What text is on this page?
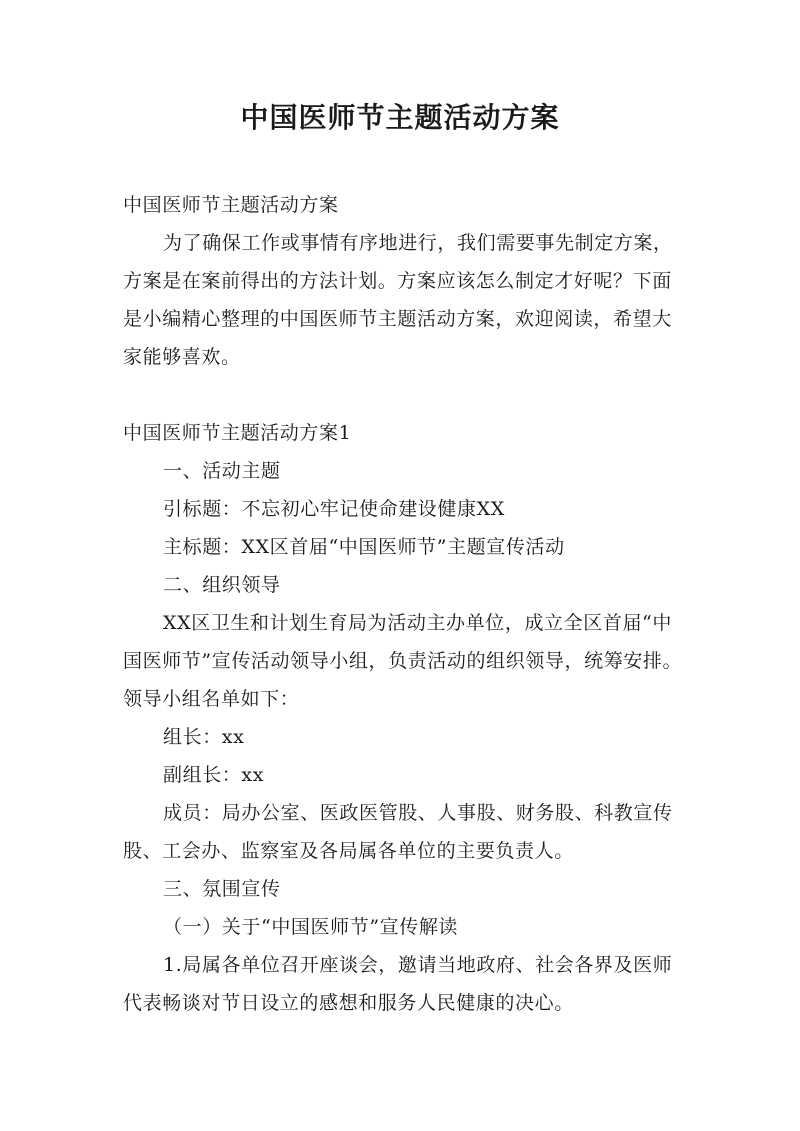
中国医师节主题活动方案

中国医师节主题活动方案

为了确保工作或事情有序地进行，我们需要事先制定方案，方案是在案前得出的方法计划。方案应该怎么制定才好呢？下面是小编精心整理的中国医师节主题活动方案，欢迎阅读，希望大家能够喜欢。

中国医师节主题活动方案1

一、活动主题

引标题：不忘初心牢记使命建设健康XX

主标题：XX区首届“中国医师节”主题宣传活动

二、组织领导

XX区卫生和计划生育局为活动主办单位，成立全区首届“中国医师节”宣传活动领导小组，负责活动的组织领导，统筹安排。领导小组名单如下：

组长：xx

副组长：xx

成员：局办公室、医政医管股、人事股、财务股、科教宣传股、工会办、监察室及各局属各单位的主要负责人。

三、氛围宣传

（一）关于“中国医师节”宣传解读

1.局属各单位召开座谈会，邀请当地政府、社会各界及医师代表畅谈对节日设立的感想和服务人民健康的决心。
